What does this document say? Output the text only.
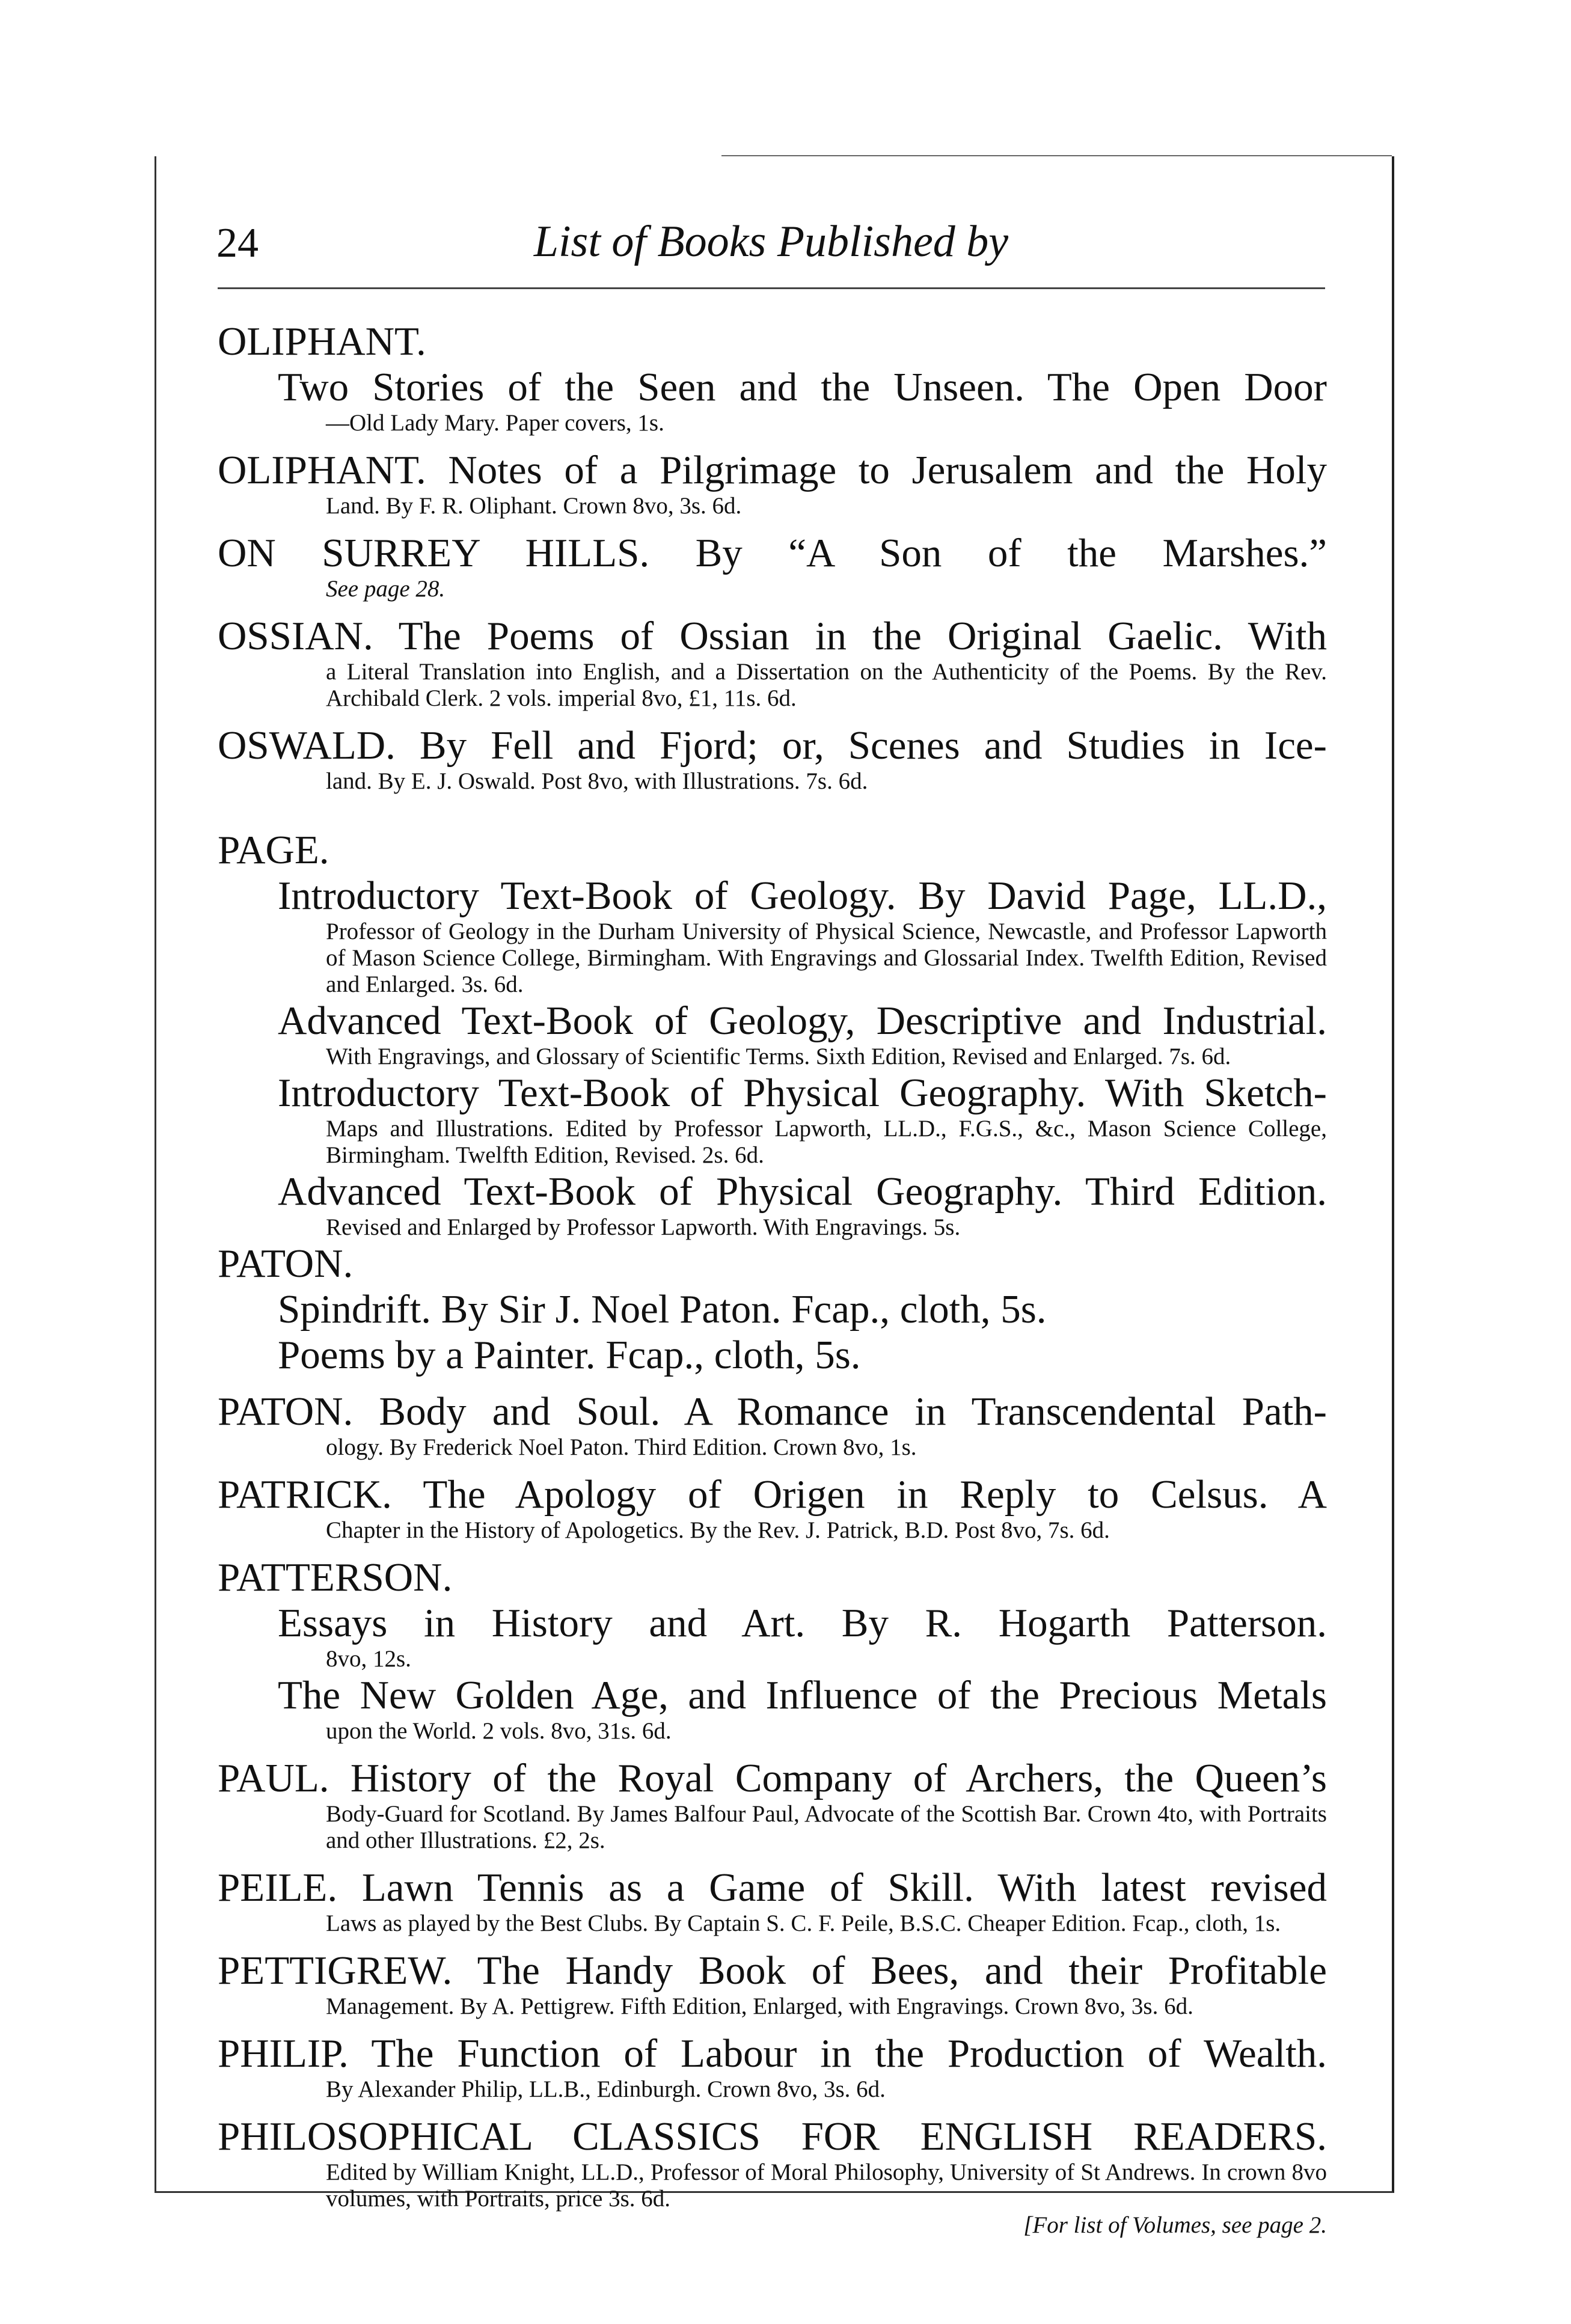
24	List of Books Published by
OLIPHANT.
Two Stories of the Seen and the Unseen. The Open Door
—Old Lady Mary. Paper covers, 1s.
OLIPHANT. Notes of a Pilgrimage to Jerusalem and the Holy
Land. By F. R. Oliphant. Crown 8vo, 3s. 6d.
ON SURREY HILLS. By “A Son of the Marshes.”
See page 28.
OSSIAN. The Poems of Ossian in the Original Gaelic. With
a Literal Translation into English, and a Dissertation on the Authenticity of the Poems. By the Rev. Archibald Clerk. 2 vols. imperial 8vo, £1, 11s. 6d.
OSWALD. By Fell and Fjord; or, Scenes and Studies in Ice-
land. By E. J. Oswald. Post 8vo, with Illustrations. 7s. 6d.
PAGE.
Introductory Text-Book of Geology. By David Page, LL.D.,
Professor of Geology in the Durham University of Physical Science, Newcastle, and Professor Lapworth of Mason Science College, Birmingham. With Engravings and Glossarial Index. Twelfth Edition, Revised and Enlarged. 3s. 6d.
Advanced Text-Book of Geology, Descriptive and Industrial.
With Engravings, and Glossary of Scientific Terms. Sixth Edition, Revised and Enlarged. 7s. 6d.
Introductory Text-Book of Physical Geography. With Sketch-
Maps and Illustrations. Edited by Professor Lapworth, LL.D., F.G.S., &c., Mason Science College, Birmingham. Twelfth Edition, Revised. 2s. 6d.
Advanced Text-Book of Physical Geography. Third Edition.
Revised and Enlarged by Professor Lapworth. With Engravings. 5s.
PATON.
Spindrift. By Sir J. Noel Paton. Fcap., cloth, 5s.
Poems by a Painter. Fcap., cloth, 5s.
PATON. Body and Soul. A Romance in Transcendental Path-
ology. By Frederick Noel Paton. Third Edition. Crown 8vo, 1s.
PATRICK. The Apology of Origen in Reply to Celsus. A
Chapter in the History of Apologetics. By the Rev. J. Patrick, B.D. Post 8vo, 7s. 6d.
PATTERSON.
Essays in History and Art. By R. Hogarth Patterson.
8vo, 12s.
The New Golden Age, and Influence of the Precious Metals
upon the World. 2 vols. 8vo, 31s. 6d.
PAUL. History of the Royal Company of Archers, the Queen’s
Body-Guard for Scotland. By James Balfour Paul, Advocate of the Scottish Bar. Crown 4to, with Portraits and other Illustrations. £2, 2s.
PEILE. Lawn Tennis as a Game of Skill. With latest revised
Laws as played by the Best Clubs. By Captain S. C. F. Peile, B.S.C. Cheaper Edition. Fcap., cloth, 1s.
PETTIGREW. The Handy Book of Bees, and their Profitable
Management. By A. Pettigrew. Fifth Edition, Enlarged, with Engravings. Crown 8vo, 3s. 6d.
PHILIP. The Function of Labour in the Production of Wealth.
By Alexander Philip, LL.B., Edinburgh. Crown 8vo, 3s. 6d.
PHILOSOPHICAL CLASSICS FOR ENGLISH READERS.
Edited by William Knight, LL.D., Professor of Moral Philosophy, University of St Andrews. In crown 8vo volumes, with Portraits, price 3s. 6d.
[For list of Volumes, see page 2.
